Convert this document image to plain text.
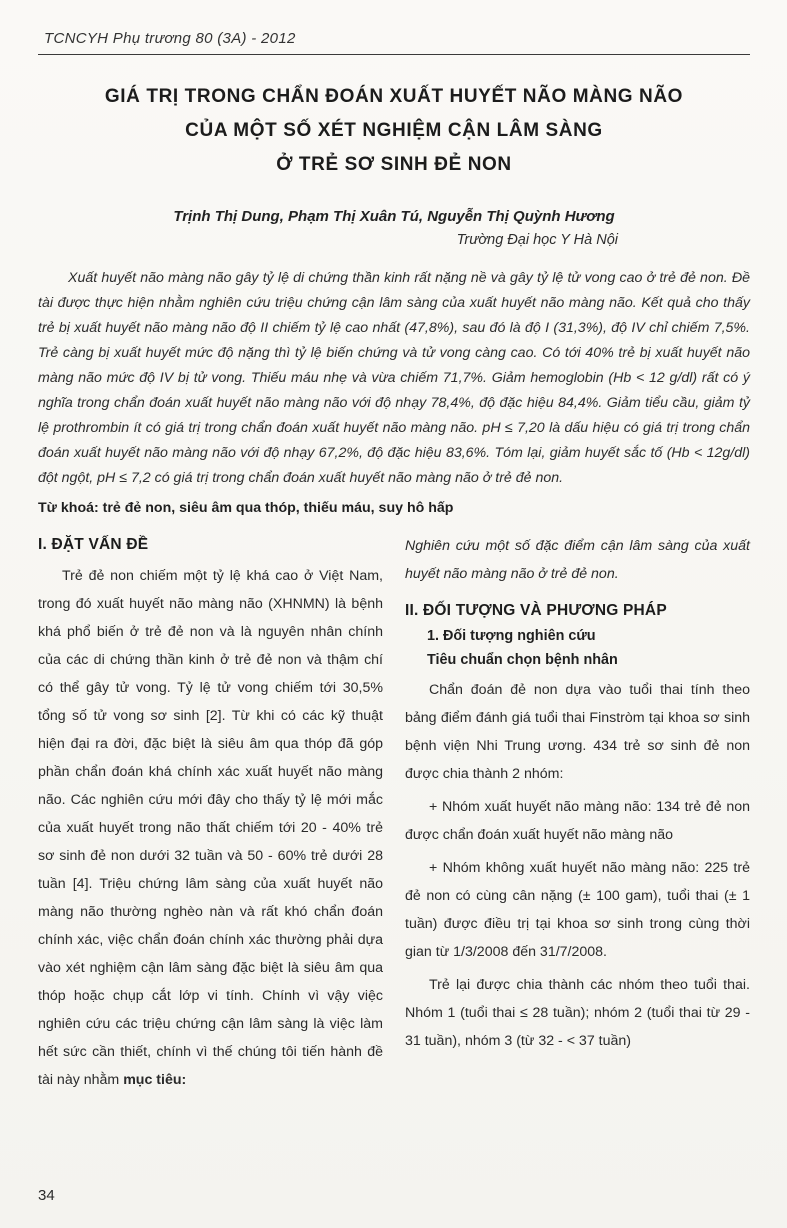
TCNCYH Phụ trương 80 (3A) - 2012
GIÁ TRỊ TRONG CHẨN ĐOÁN XUẤT HUYẾT NÃO MÀNG NÃO
CỦA MỘT SỐ XÉT NGHIỆM CẬN LÂM SÀNG
Ở TRẺ SƠ SINH ĐẺ NON
Trịnh Thị Dung, Phạm Thị Xuân Tú, Nguyễn Thị Quỳnh Hương
Trường Đại học Y Hà Nội

Xuất huyết não màng não gây tỷ lệ di chứng thần kinh rất nặng nề và gây tỷ lệ tử vong cao ở trẻ đẻ non. Đề tài được thực hiện nhằm nghiên cứu triệu chứng cận lâm sàng của xuất huyết não màng não. Kết quả cho thấy trẻ bị xuất huyết não màng não độ II chiếm tỷ lệ cao nhất (47,8%), sau đó là độ I (31,3%), độ IV chỉ chiếm 7,5%. Trẻ càng bị xuất huyết mức độ nặng thì tỷ lệ biến chứng và tử vong càng cao. Có tới 40% trẻ bị xuất huyết não màng não mức độ IV bị tử vong. Thiếu máu nhẹ và vừa chiếm 71,7%. Giảm hemoglobin (Hb < 12 g/dl) rất có ý nghĩa trong chẩn đoán xuất huyết não màng não với độ nhạy 78,4%, độ đặc hiệu 84,4%. Giảm tiểu cầu, giảm tỷ lệ prothrombin ít có giá trị trong chẩn đoán xuất huyết não màng não. pH ≤ 7,20 là dấu hiệu có giá trị trong chẩn đoán xuất huyết não màng não với độ nhạy 67,2%, độ đặc hiệu 83,6%. Tóm lại, giảm huyết sắc tố (Hb < 12g/dl) đột ngột, pH ≤ 7,2 có giá trị trong chẩn đoán xuất huyết não màng não ở trẻ đẻ non.

Từ khoá: trẻ đẻ non, siêu âm qua thóp, thiếu máu, suy hô hấp

I. ĐẶT VẤN ĐỀ

Trẻ đẻ non chiếm một tỷ lệ khá cao ở Việt Nam, trong đó xuất huyết não màng não (XHNMN) là bệnh khá phổ biến ở trẻ đẻ non và là nguyên nhân chính của các di chứng thần kinh ở trẻ đẻ non và thậm chí có thể gây tử vong. Tỷ lệ tử vong chiếm tới 30,5% tổng số tử vong sơ sinh [2]. Từ khi có các kỹ thuật hiện đại ra đời, đặc biệt là siêu âm qua thóp đã góp phần chẩn đoán khá chính xác xuất huyết não màng não. Các nghiên cứu mới đây cho thấy tỷ lệ mới mắc của xuất huyết trong não thất chiếm tới 20 - 40% trẻ sơ sinh đẻ non dưới 32 tuần và 50 - 60% trẻ dưới 28 tuần [4]. Triệu chứng lâm sàng của xuất huyết não màng não thường nghèo nàn và rất khó chẩn đoán chính xác, việc chẩn đoán chính xác thường phải dựa vào xét nghiệm cận lâm sàng đặc biệt là siêu âm qua thóp hoặc chụp cắt lớp vi tính. Chính vì vậy việc nghiên cứu các triệu chứng cận lâm sàng là việc làm hết sức cần thiết, chính vì thế chúng tôi tiến hành đề tài này nhằm mục tiêu:

Nghiên cứu một số đặc điểm cận lâm sàng của xuất huyết não màng não ở trẻ đẻ non.

II. ĐỐI TƯỢNG VÀ PHƯƠNG PHÁP
1. Đối tượng nghiên cứu
Tiêu chuẩn chọn bệnh nhân

Chẩn đoán đẻ non dựa vào tuổi thai tính theo bảng điểm đánh giá tuổi thai Finstròm tại khoa sơ sinh bệnh viện Nhi Trung ương. 434 trẻ sơ sinh đẻ non được chia thành 2 nhóm:

+ Nhóm xuất huyết não màng não: 134 trẻ đẻ non được chẩn đoán xuất huyết não màng não

+ Nhóm không xuất huyết não màng não: 225 trẻ đẻ non có cùng cân nặng (± 100 gam), tuổi thai (± 1 tuần) được điều trị tại khoa sơ sinh trong cùng thời gian từ 1/3/2008 đến 31/7/2008.

Trẻ lại được chia thành các nhóm theo tuổi thai. Nhóm 1 (tuổi thai ≤ 28 tuần); nhóm 2 (tuổi thai từ 29 - 31 tuần), nhóm 3 (từ 32 - < 37 tuần)

34
